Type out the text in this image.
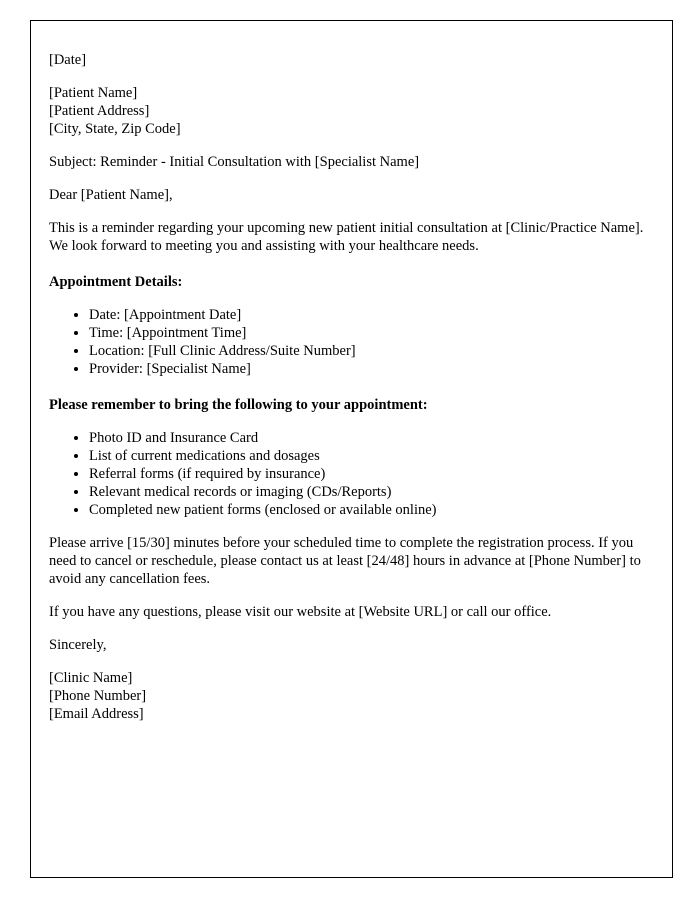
[Date]

[Patient Name]

[Patient Address]

[City, State, Zip Code]

Subject: Reminder - Initial Consultation with [Specialist Name]

Dear [Patient Name],

This is a reminder regarding your upcoming new patient initial consultation at [Clinic/Practice Name]. We look forward to meeting you and assisting with your healthcare needs.

Appointment Details:

• Date: [Appointment Date]
• Time: [Appointment Time]
• Location: [Full Clinic Address/Suite Number]
• Provider: [Specialist Name]

Please remember to bring the following to your appointment:

• Photo ID and Insurance Card
• List of current medications and dosages
• Referral forms (if required by insurance)
• Relevant medical records or imaging (CDs/Reports)
• Completed new patient forms (enclosed or available online)

Please arrive [15/30] minutes before your scheduled time to complete the registration process. If you need to cancel or reschedule, please contact us at least [24/48] hours in advance at [Phone Number] to avoid any cancellation fees.

If you have any questions, please visit our website at [Website URL] or call our office.

Sincerely,

[Clinic Name]

[Phone Number]

[Email Address]
